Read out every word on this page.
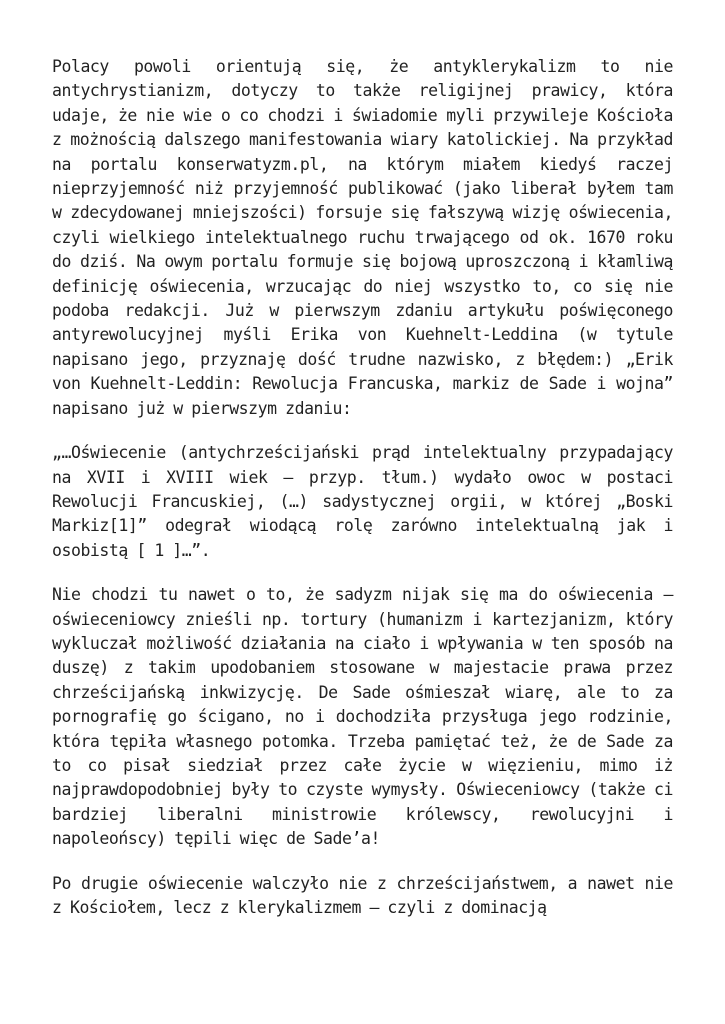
Polacy powoli orientują się, że antyklerykalizm to nie antychrystianizm, dotyczy to także religijnej prawicy, która udaje, że nie wie o co chodzi i świadomie myli przywileje Kościoła z możnością dalszego manifestowania wiary katolickiej. Na przykład na portalu konserwatyzm.pl, na którym miałem kiedyś raczej nieprzyjemność niż przyjemność publikować (jako liberał byłem tam w zdecydowanej mniejszości) forsuje się fałszywą wizję oświecenia, czyli wielkiego intelektualnego ruchu trwającego od ok. 1670 roku do dziś. Na owym portalu formuje się bojową uproszczoną i kłamliwą definicję oświecenia, wrzucając do niej wszystko to, co się nie podoba redakcji. Już w pierwszym zdaniu artykułu poświęconego antyrewolucyjnej myśli Erika von Kuehnelt-Leddina (w tytule napisano jego, przyznaję dość trudne nazwisko, z błędem:) „Erik von Kuehnelt-Leddin: Rewolucja Francuska, markiz de Sade i wojna” napisano już w pierwszym zdaniu:

„…Oświecenie (antychrześcijański prąd intelektualny przypadający na XVII i XVIII wiek – przyp. tłum.) wydało owoc w postaci Rewolucji Francuskiej, (…) sadystycznej orgii, w której „Boski Markiz[1]” odegrał wiodącą rolę zarówno intelektualną jak i osobistą [ 1 ]…”.

Nie chodzi tu nawet o to, że sadyzm nijak się ma do oświecenia – oświeceniowcy znieśli np. tortury (humanizm i kartezjanizm, który wykluczał możliwość działania na ciało i wpływania w ten sposób na duszę) z takim upodobaniem stosowane w majestacie prawa przez chrześcijańską inkwizycję. De Sade ośmieszał wiarę, ale to za pornografię go ścigano, no i dochodziła przysługa jego rodzinie, która tępiła własnego potomka. Trzeba pamiętać też, że de Sade za to co pisał siedział przez całe życie w więzieniu, mimo iż najprawdopodobniej były to czyste wymysły. Oświeceniowcy (także ci bardziej liberalni ministrowie królewscy, rewolucyjni i napoleońscy) tępili więc de Sade’a!

Po drugie oświecenie walczyło nie z chrześcijaństwem, a nawet nie z Kościołem, lecz z klerykalizmem – czyli z dominacją
